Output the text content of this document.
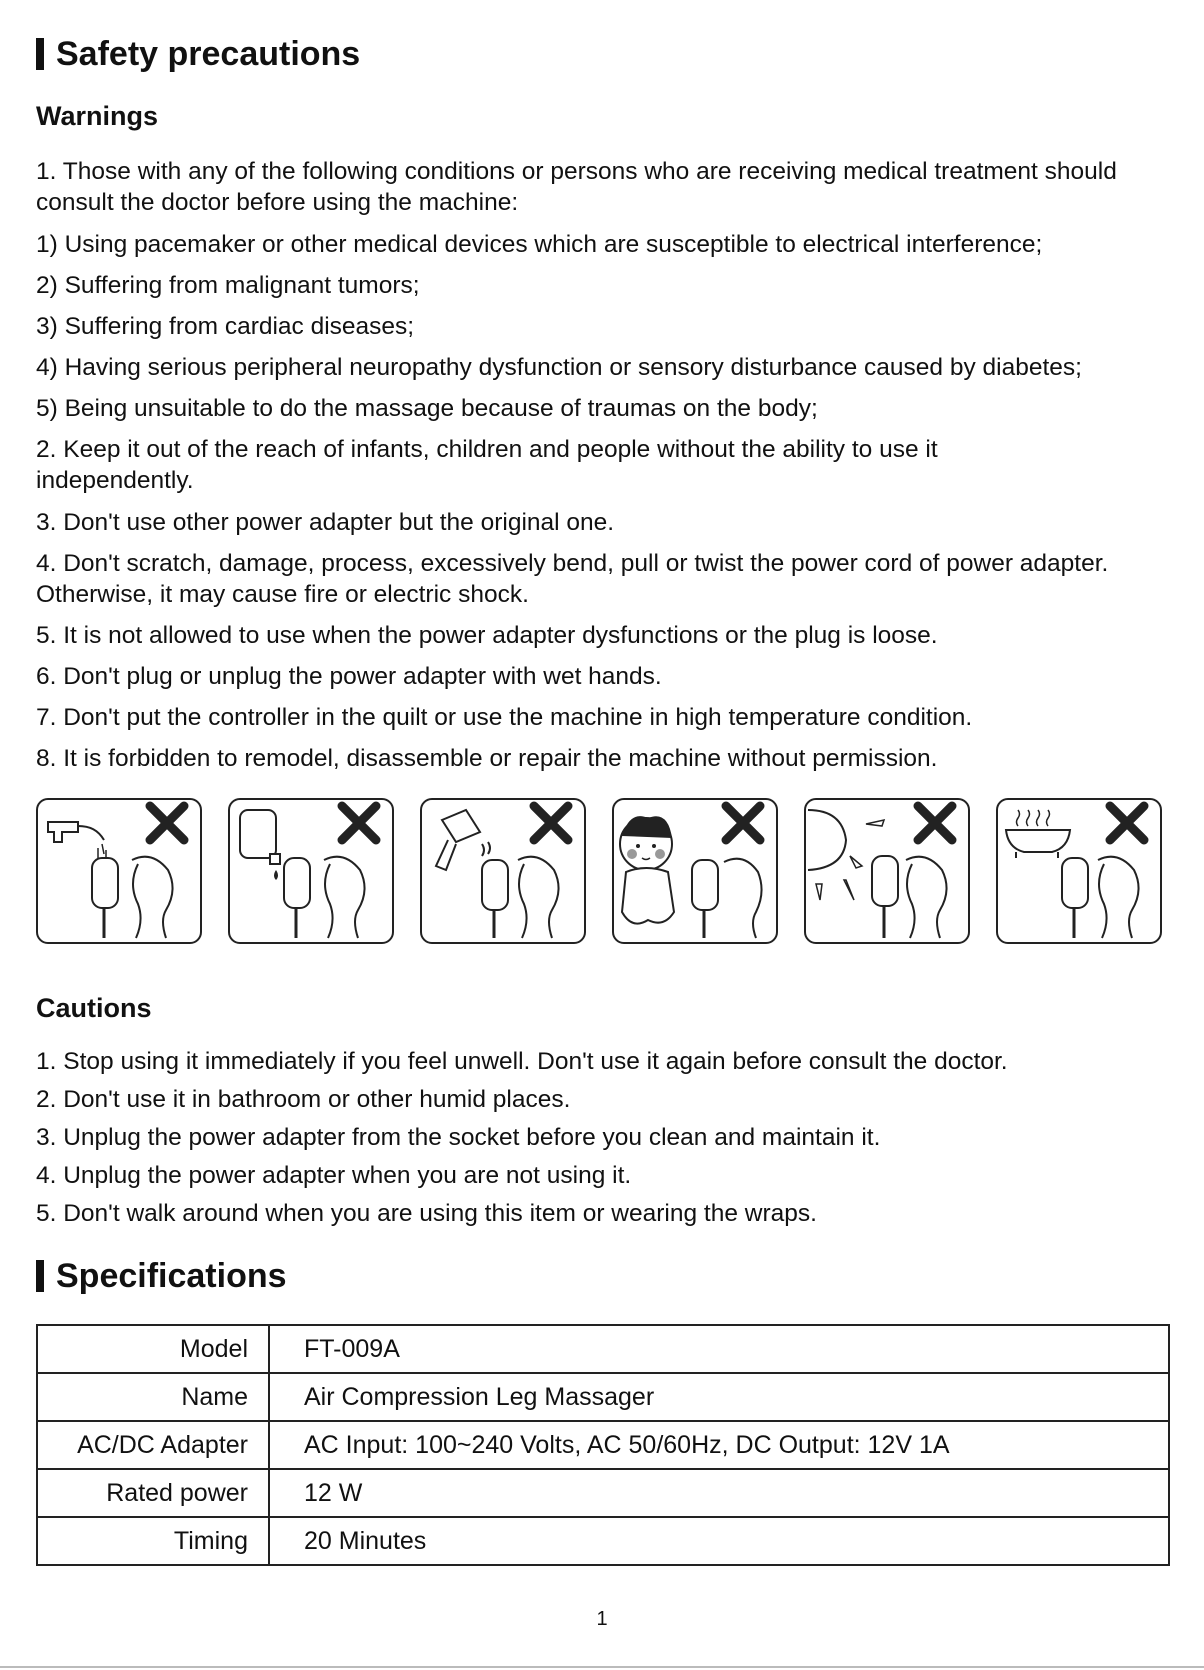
Safety precautions
Warnings

1. Those with any of the following conditions or persons who are receiving medical treatment should consult the doctor before using the machine:

1) Using pacemaker or other medical devices which are susceptible to electrical interference;

2) Suffering from malignant tumors;

3) Suffering from cardiac diseases;

4) Having serious peripheral neuropathy dysfunction or sensory disturbance caused by diabetes;

5) Being unsuitable to do the massage because of traumas on the body;

2. Keep it out of the reach of infants, children and people without the ability to use it independently.

3. Don't use other power adapter but the original one.

4. Don't scratch, damage, process, excessively bend, pull or twist the power cord of power adapter. Otherwise, it may cause fire or electric shock.

5. It is not allowed to use when the power adapter dysfunctions or the plug is loose.

6. Don't plug or unplug the power adapter with wet hands.

7. Don't put the controller in the quilt or use the machine in high temperature condition.

8. It is forbidden to remodel, disassemble or repair the machine without permission.

Cautions

1. Stop using it immediately if you feel unwell. Don't use it again before consult the doctor.

2. Don't use it in bathroom or other humid places.

3. Unplug the power adapter from the socket before you clean and maintain it.

4. Unplug the power adapter when you are not using it.

5. Don't walk around when you are using this item or wearing the wraps.

Specifications
Model	FT-009A
Name	Air Compression Leg Massager
AC/DC Adapter	AC Input: 100~240 Volts, AC 50/60Hz, DC Output: 12V 1A
Rated power	12 W
Timing	20 Minutes
1
